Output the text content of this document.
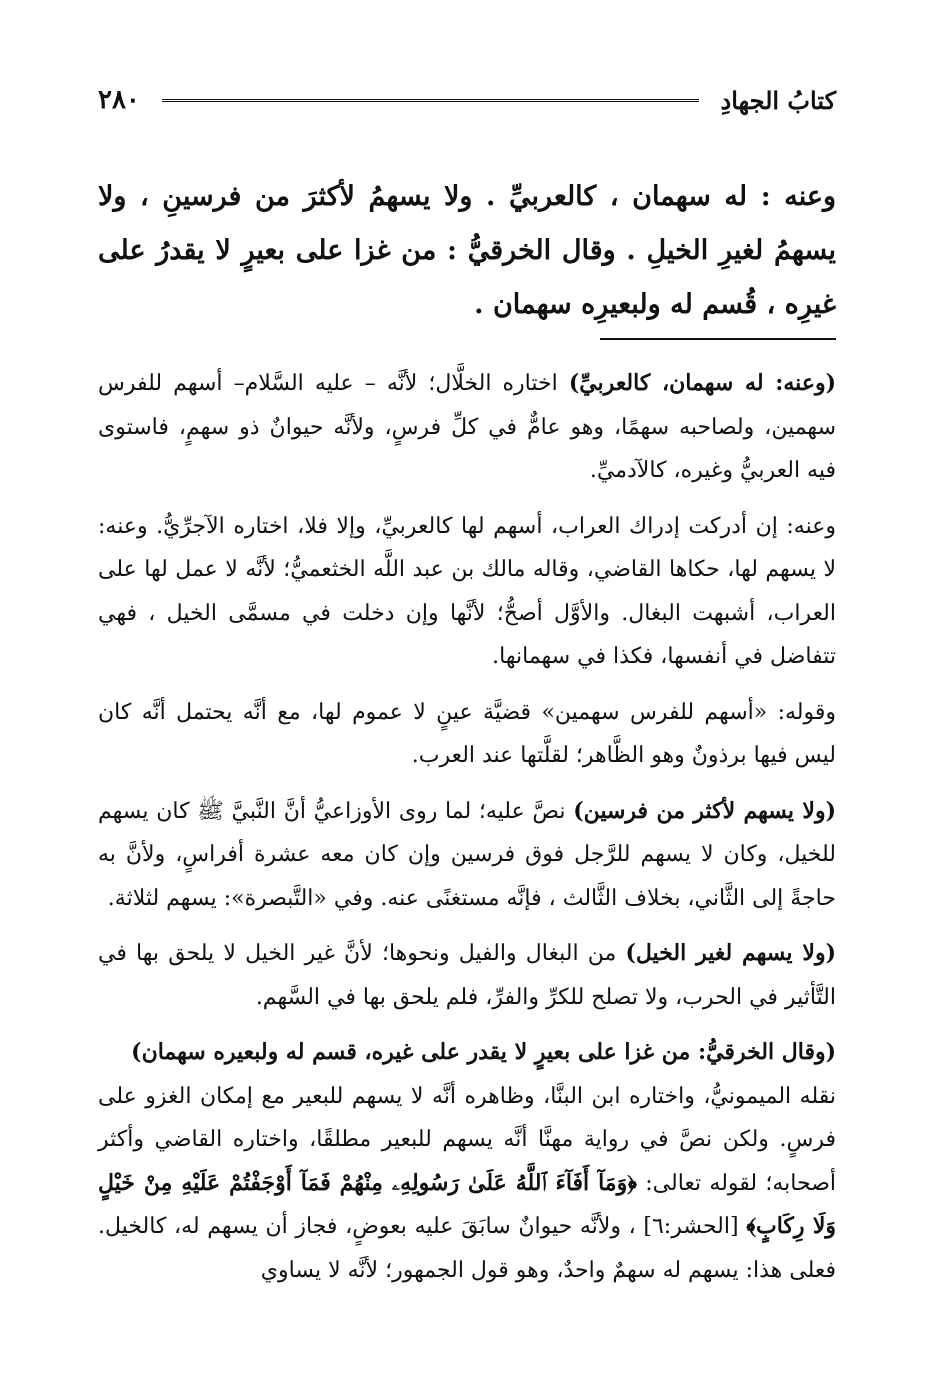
كتابُ الجهادِ
٢٨٠
وعنه : له سهمان ، كالعربيِّ . ولا يسهمُ لأكثرَ من فرسينِ ، ولا يسهمُ لغيرِ الخيلِ . وقال الخرقيُّ : من غزا على بعيرٍ لا يقدرُ على غيرِه ، قُسم له ولبعيرِه سهمان .

(وعنه: له سهمان، كالعربيِّ) اختاره الخلَّال؛ لأنَّه – عليه السَّلام– أسهم للفرس سهمين، ولصاحبه سهمًا، وهو عامٌّ في كلِّ فرسٍ، ولأنَّه حيوانٌ ذو سهمٍ، فاستوى فيه العربيُّ وغيره، كالآدميِّ.

وعنه: إن أدركت إدراك العراب، أسهم لها كالعربيِّ، وإلا فلا، اختاره الآجرِّيُّ. وعنه: لا يسهم لها، حكاها القاضي، وقاله مالك بن عبد اللَّه الخثعميُّ؛ لأنَّه لا عمل لها على العراب، أشبهت البغال. والأوَّل أصحُّ؛ لأنَّها وإن دخلت في مسمَّى الخيل ، فهي تتفاضل في أنفسها، فكذا في سهمانها.

وقوله: «أسهم للفرس سهمين» قضيَّة عينٍ لا عموم لها، مع أنَّه يحتمل أنَّه كان ليس فيها برذونٌ وهو الظَّاهر؛ لقلَّتها عند العرب.

(ولا يسهم لأكثر من فرسين) نصَّ عليه؛ لما روى الأوزاعيُّ أنَّ النَّبيَّ ﷺ كان يسهم للخيل، وكان لا يسهم للرَّجل فوق فرسين وإن كان معه عشرة أفراسٍ، ولأنَّ به حاجةً إلى الثَّاني، بخلاف الثَّالث ، فإنَّه مستغنًى عنه. وفي «التَّبصرة»: يسهم لثلاثة.

(ولا يسهم لغير الخيل) من البغال والفيل ونحوها؛ لأنَّ غير الخيل لا يلحق بها في التَّأثير في الحرب، ولا تصلح للكرِّ والفرِّ، فلم يلحق بها في السَّهم.

(وقال الخرقيُّ: من غزا على بعيرٍ لا يقدر على غيره، قسم له ولبعيره سهمان)
نقله الميمونيُّ، واختاره ابن البنَّا، وظاهره أنَّه لا يسهم للبعير مع إمكان الغزو على فرسٍ. ولكن نصَّ في رواية مهنَّا أنَّه يسهم للبعير مطلقًا، واختاره القاضي وأكثر أصحابه؛ لقوله تعالى: ﴿وَمَآ أَفَآءَ ٱللَّهُ عَلَىٰ رَسُولِهِۦ مِنْهُمْ فَمَآ أَوْجَفْتُمْ عَلَيْهِ مِنْ خَيْلٍ وَلَا رِكَابٍ﴾ [الحشر:٦] ، ولأنَّه حيوانٌ سابَقَ عليه بعوضٍ، فجاز أن يسهم له، كالخيل. فعلى هذا: يسهم له سهمٌ واحدٌ، وهو قول الجمهور؛ لأنَّه لا يساوي
